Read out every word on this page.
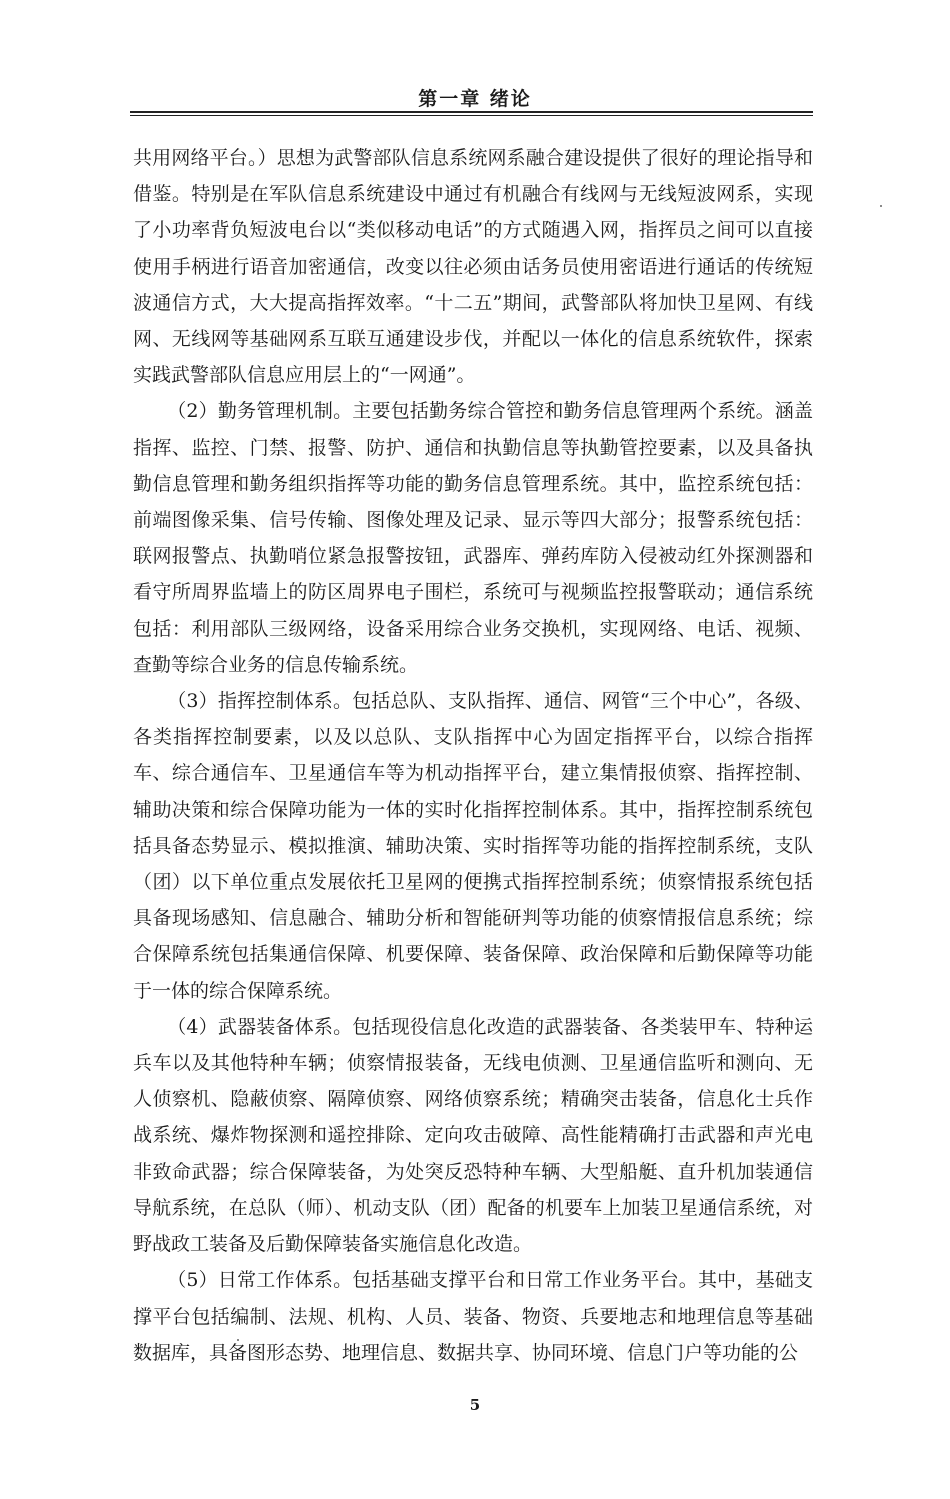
第一章 绪论

共用网络平台。）思想为武警部队信息系统网系融合建设提供了很好的理论指导和借鉴。特别是在军队信息系统建设中通过有机融合有线网与无线短波网系，实现了小功率背负短波电台以“类似移动电话”的方式随遇入网，指挥员之间可以直接使用手柄进行语音加密通信，改变以往必须由话务员使用密语进行通话的传统短波通信方式，大大提高指挥效率。“十二五”期间，武警部队将加快卫星网、有线网、无线网等基础网系互联互通建设步伐，并配以一体化的信息系统软件，探索实践武警部队信息应用层上的“一网通”。

（2）勤务管理机制。主要包括勤务综合管控和勤务信息管理两个系统。涵盖指挥、监控、门禁、报警、防护、通信和执勤信息等执勤管控要素，以及具备执勤信息管理和勤务组织指挥等功能的勤务信息管理系统。其中，监控系统包括：前端图像采集、信号传输、图像处理及记录、显示等四大部分；报警系统包括：联网报警点、执勤哨位紧急报警按钮，武器库、弹药库防入侵被动红外探测器和看守所周界监墙上的防区周界电子围栏，系统可与视频监控报警联动；通信系统包括：利用部队三级网络，设备采用综合业务交换机，实现网络、电话、视频、查勤等综合业务的信息传输系统。

（3）指挥控制体系。包括总队、支队指挥、通信、网管“三个中心”，各级、各类指挥控制要素，以及以总队、支队指挥中心为固定指挥平台，以综合指挥车、综合通信车、卫星通信车等为机动指挥平台，建立集情报侦察、指挥控制、辅助决策和综合保障功能为一体的实时化指挥控制体系。其中，指挥控制系统包括具备态势显示、模拟推演、辅助决策、实时指挥等功能的指挥控制系统，支队（团）以下单位重点发展依托卫星网的便携式指挥控制系统；侦察情报系统包括具备现场感知、信息融合、辅助分析和智能研判等功能的侦察情报信息系统；综合保障系统包括集通信保障、机要保障、装备保障、政治保障和后勤保障等功能于一体的综合保障系统。

（4）武器装备体系。包括现役信息化改造的武器装备、各类装甲车、特种运兵车以及其他特种车辆；侦察情报装备，无线电侦测、卫星通信监听和测向、无人侦察机、隐蔽侦察、隔障侦察、网络侦察系统；精确突击装备，信息化士兵作战系统、爆炸物探测和遥控排除、定向攻击破障、高性能精确打击武器和声光电非致命武器；综合保障装备，为处突反恐特种车辆、大型船艇、直升机加装通信导航系统，在总队（师）、机动支队（团）配备的机要车上加装卫星通信系统，对野战政工装备及后勤保障装备实施信息化改造。

（5）日常工作体系。包括基础支撑平台和日常工作业务平台。其中，基础支撑平台包括编制、法规、机构、人员、装备、物资、兵要地志和地理信息等基础数据库，具备图形态势、地理信息、数据共享、协同环境、信息门户等功能的公

5
